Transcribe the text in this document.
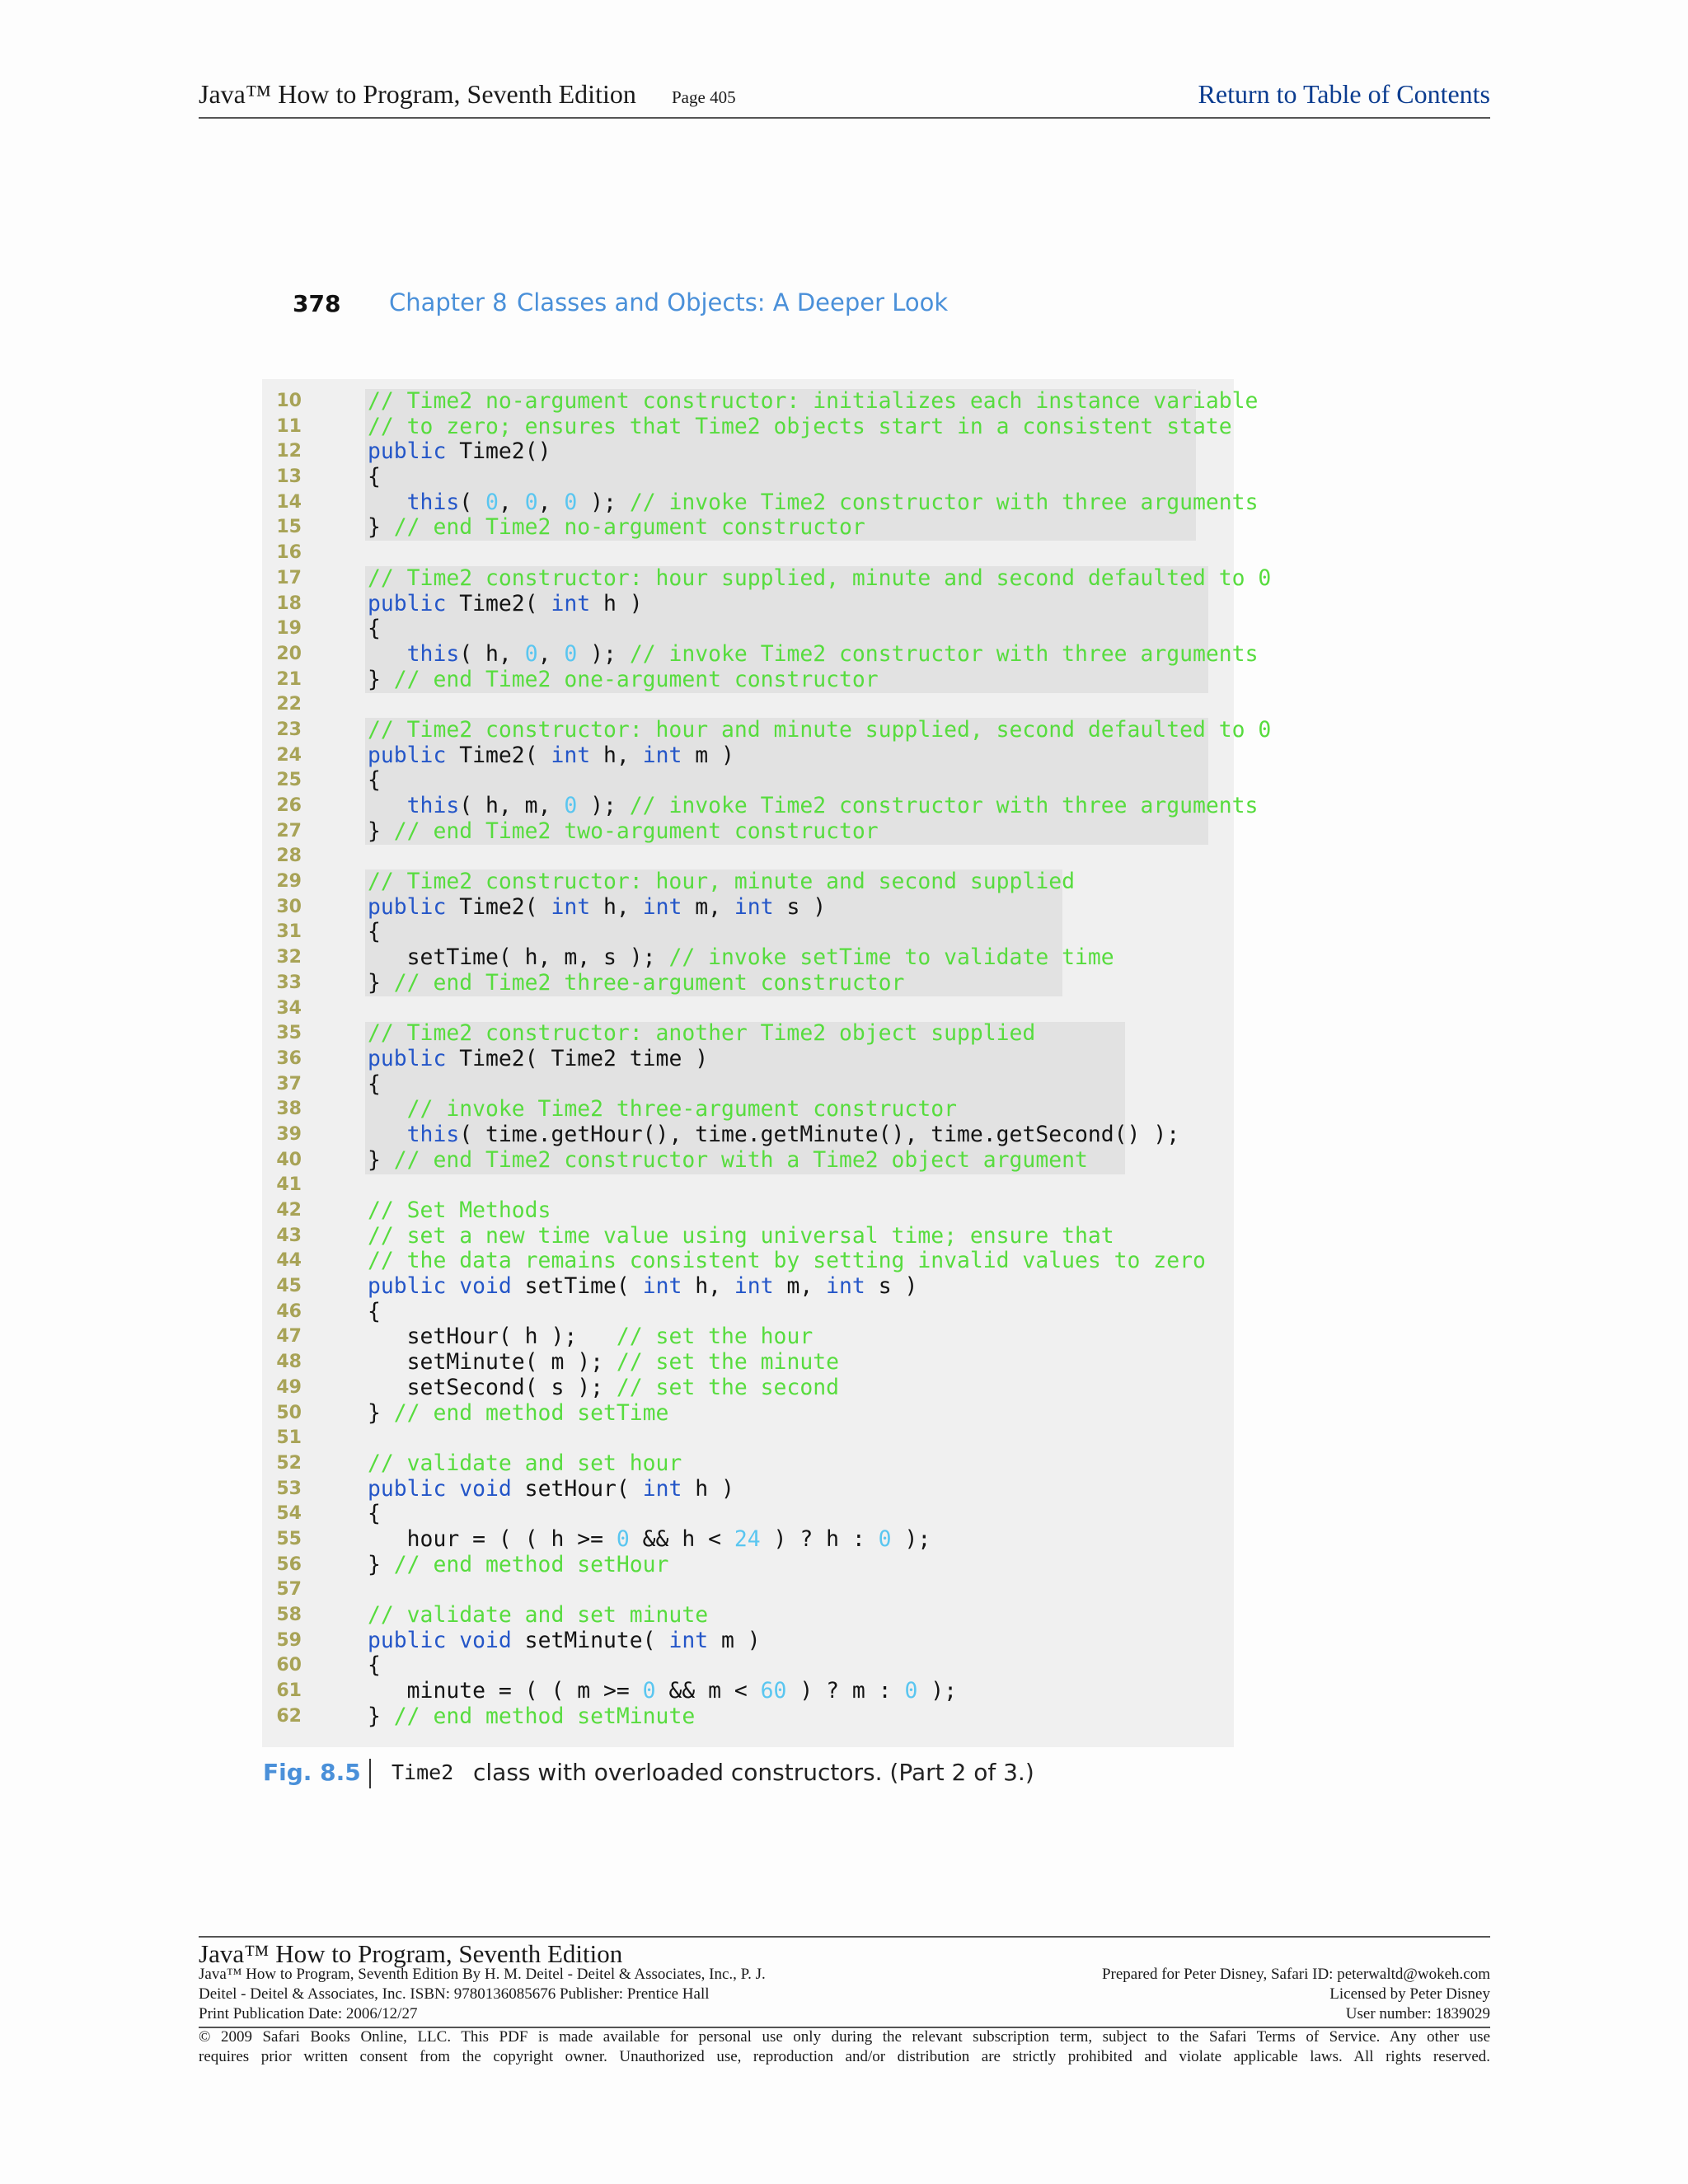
Java™ How to Program, Seventh Edition Page 405	Return to Table of Contents
378 Chapter 8 Classes and Objects: A Deeper Look
10	// Time2 no-argument constructor: initializes each instance variable
11	// to zero; ensures that Time2 objects start in a consistent state
12	public Time2()
13	{
14	this( 0, 0, 0 ); // invoke Time2 constructor with three arguments
15	} // end Time2 no-argument constructor
16
17	// Time2 constructor: hour supplied, minute and second defaulted to 0
18	public Time2( int h )
19	{
20	this( h, 0, 0 ); // invoke Time2 constructor with three arguments
21	} // end Time2 one-argument constructor
22
23	// Time2 constructor: hour and minute supplied, second defaulted to 0
24	public Time2( int h, int m )
25	{
26	this( h, m, 0 ); // invoke Time2 constructor with three arguments
27	} // end Time2 two-argument constructor
28
29	// Time2 constructor: hour, minute and second supplied
30	public Time2( int h, int m, int s )
31	{
32	setTime( h, m, s ); // invoke setTime to validate time
33	} // end Time2 three-argument constructor
34
35	// Time2 constructor: another Time2 object supplied
36	public Time2( Time2 time )
37	{
38	// invoke Time2 three-argument constructor
39	this( time.getHour(), time.getMinute(), time.getSecond() );
40	} // end Time2 constructor with a Time2 object argument
41
42	// Set Methods
43	// set a new time value using universal time; ensure that
44	// the data remains consistent by setting invalid values to zero
45	public void setTime( int h, int m, int s )
46	{
47	setHour( h );   // set the hour
48	setMinute( m ); // set the minute
49	setSecond( s ); // set the second
50	} // end method setTime
51
52	// validate and set hour
53	public void setHour( int h )
54	{
55	hour = ( ( h >= 0 && h < 24 ) ? h : 0 );
56	} // end method setHour
57
58	// validate and set minute
59	public void setMinute( int m )
60	{
61	minute = ( ( m >= 0 && m < 60 ) ? m : 0 );
62	} // end method setMinute
Fig. 8.5 Time2 class with overloaded constructors. (Part 2 of 3.)
Java™ How to Program, Seventh Edition
Java™ How to Program, Seventh Edition By H. M. Deitel - Deitel & Associates, Inc., P. J.
Deitel - Deitel & Associates, Inc. ISBN: 9780136085676 Publisher: Prentice Hall
Print Publication Date: 2006/12/27
Prepared for Peter Disney, Safari ID: peterwaltd@wokeh.com
Licensed by Peter Disney
User number: 1839029
© 2009 Safari Books Online, LLC. This PDF is made available for personal use only during the relevant subscription term, subject to the Safari Terms of Service. Any other use
requires prior written consent from the copyright owner. Unauthorized use, reproduction and/or distribution are strictly prohibited and violate applicable laws. All rights reserved.
